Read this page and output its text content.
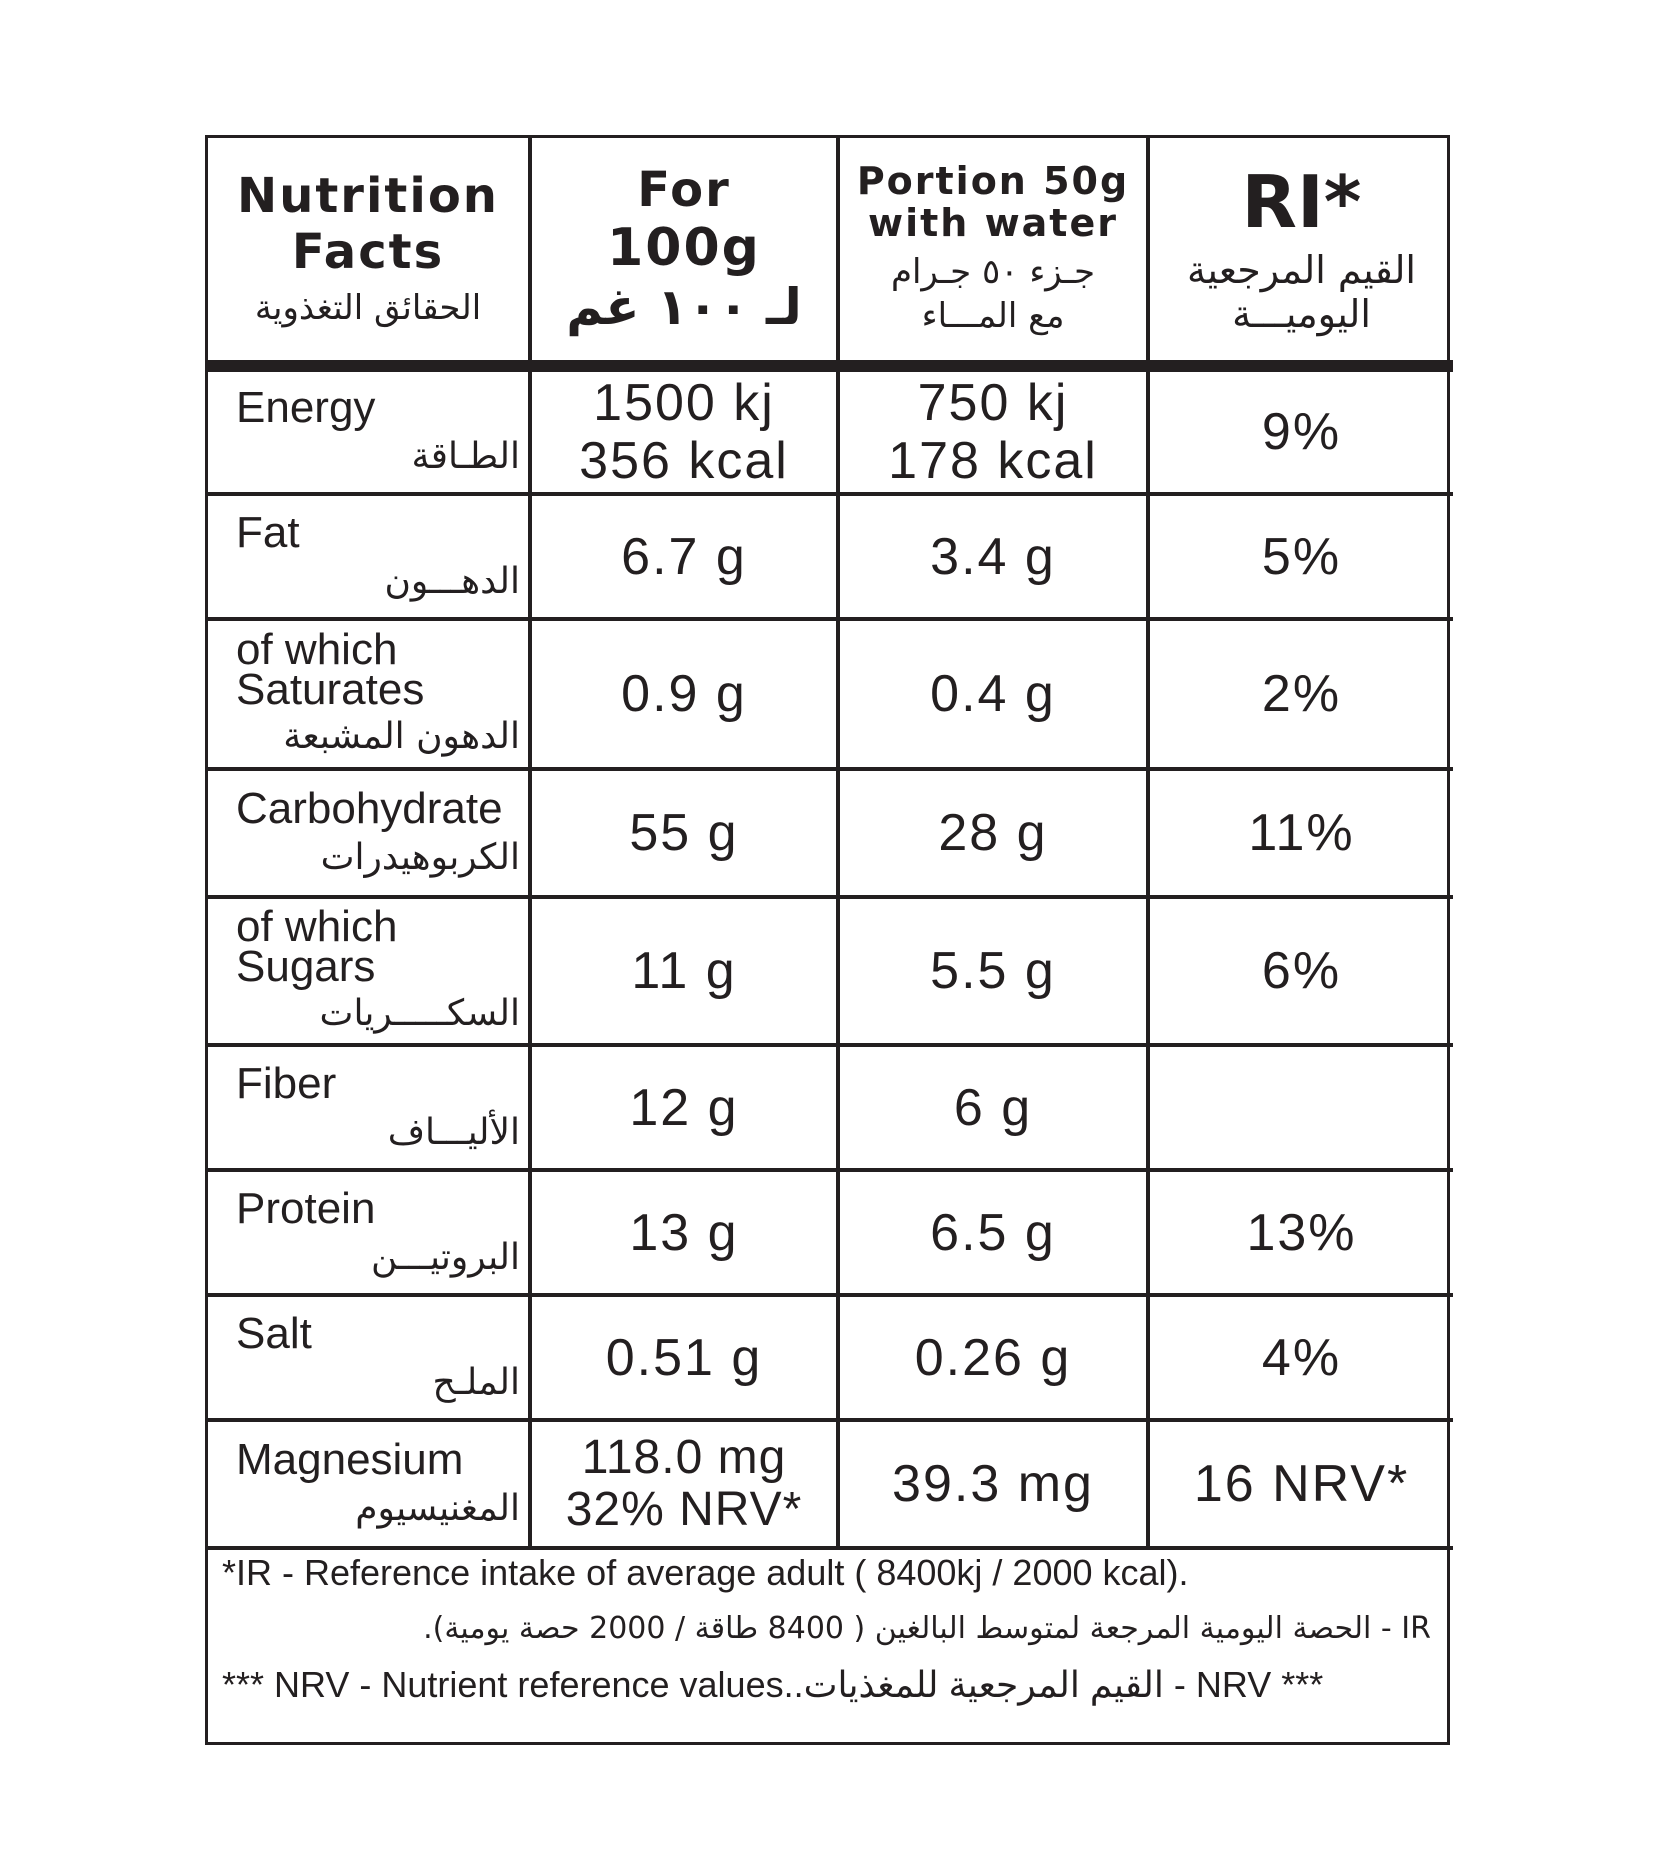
Nutrition
Facts
الحقائق التغذوية	For
100g
لـ ١٠٠ غم	Portion 50g
with water
جـزء ٥٠ جـرام
مع المـــاء	RI*
القيم المرجعية
اليوميـــة

Energy
الطـاقة	1500 kj
356 kcal	750 kj
178 kcal	9%

Fat
الدهـــون	6.7 g	3.4 g	5%

of which
Saturates
الدهون المشبعة	0.9 g	0.4 g	2%

Carbohydrate
الكربوهيدرات	55 g	28 g	11%

of which
Sugars
السكـــــريات	11 g	5.5 g	6%

Fiber
الأليـــاف	12 g	6 g	

Protein
البروتيـــن	13 g	6.5 g	13%

Salt
الملـح	0.51 g	0.26 g	4%

Magnesium
المغنيسيوم	118.0 mg
32% NRV*	39.3 mg	16 NRV*
*IR - Reference intake of average adult ( 8400kj / 2000 kcal).
IR - الحصة اليومية المرجعة لمتوسط البالغين ( 8400 طاقة / 2000 حصة يومية).
*** NRV - Nutrient reference values..القيم المرجعية للمغذيات - NRV ***
